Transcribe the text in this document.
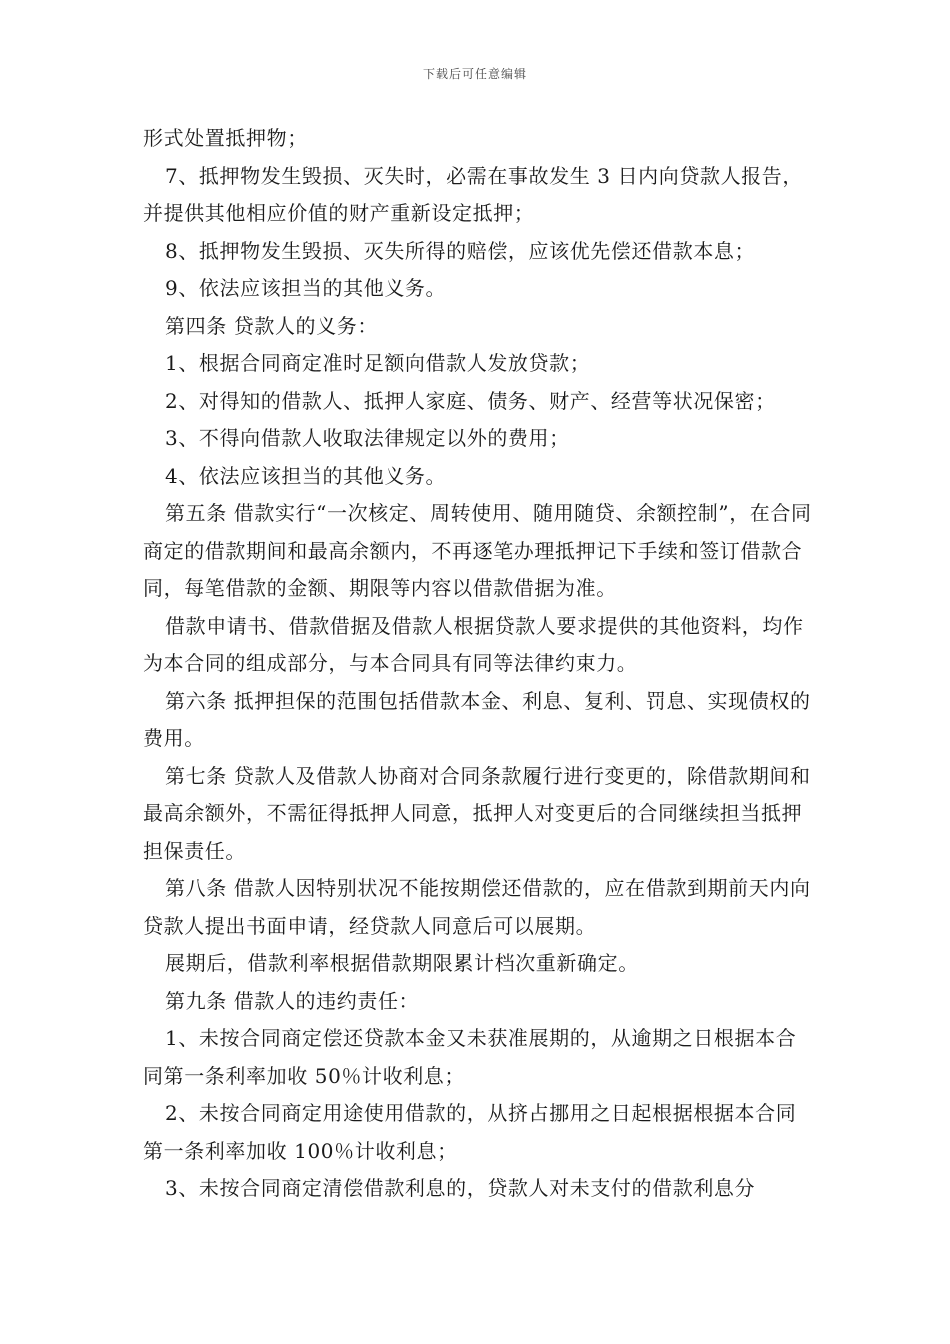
下载后可任意编辑

形式处置抵押物；

7、抵押物发生毁损、灭失时，必需在事故发生 3 日内向贷款人报告，并提供其他相应价值的财产重新设定抵押；

8、抵押物发生毁损、灭失所得的赔偿，应该优先偿还借款本息；

9、依法应该担当的其他义务。

第四条 贷款人的义务：

1、根据合同商定准时足额向借款人发放贷款；

2、对得知的借款人、抵押人家庭、债务、财产、经营等状况保密；

3、不得向借款人收取法律规定以外的费用；

4、依法应该担当的其他义务。

第五条 借款实行“一次核定、周转使用、随用随贷、余额控制”，在合同商定的借款期间和最高余额内，不再逐笔办理抵押记下手续和签订借款合同，每笔借款的金额、期限等内容以借款借据为准。

借款申请书、借款借据及借款人根据贷款人要求提供的其他资料，均作为本合同的组成部分，与本合同具有同等法律约束力。

第六条 抵押担保的范围包括借款本金、利息、复利、罚息、实现债权的费用。

第七条 贷款人及借款人协商对合同条款履行进行变更的，除借款期间和最高余额外，不需征得抵押人同意，抵押人对变更后的合同继续担当抵押担保责任。

第八条 借款人因特别状况不能按期偿还借款的，应在借款到期前天内向贷款人提出书面申请，经贷款人同意后可以展期。

展期后，借款利率根据借款期限累计档次重新确定。

第九条 借款人的违约责任：

1、未按合同商定偿还贷款本金又未获准展期的，从逾期之日根据本合同第一条利率加收 50％计收利息；

2、未按合同商定用途使用借款的，从挤占挪用之日起根据根据本合同第一条利率加收 100％计收利息；

3、未按合同商定清偿借款利息的，贷款人对未支付的借款利息分
